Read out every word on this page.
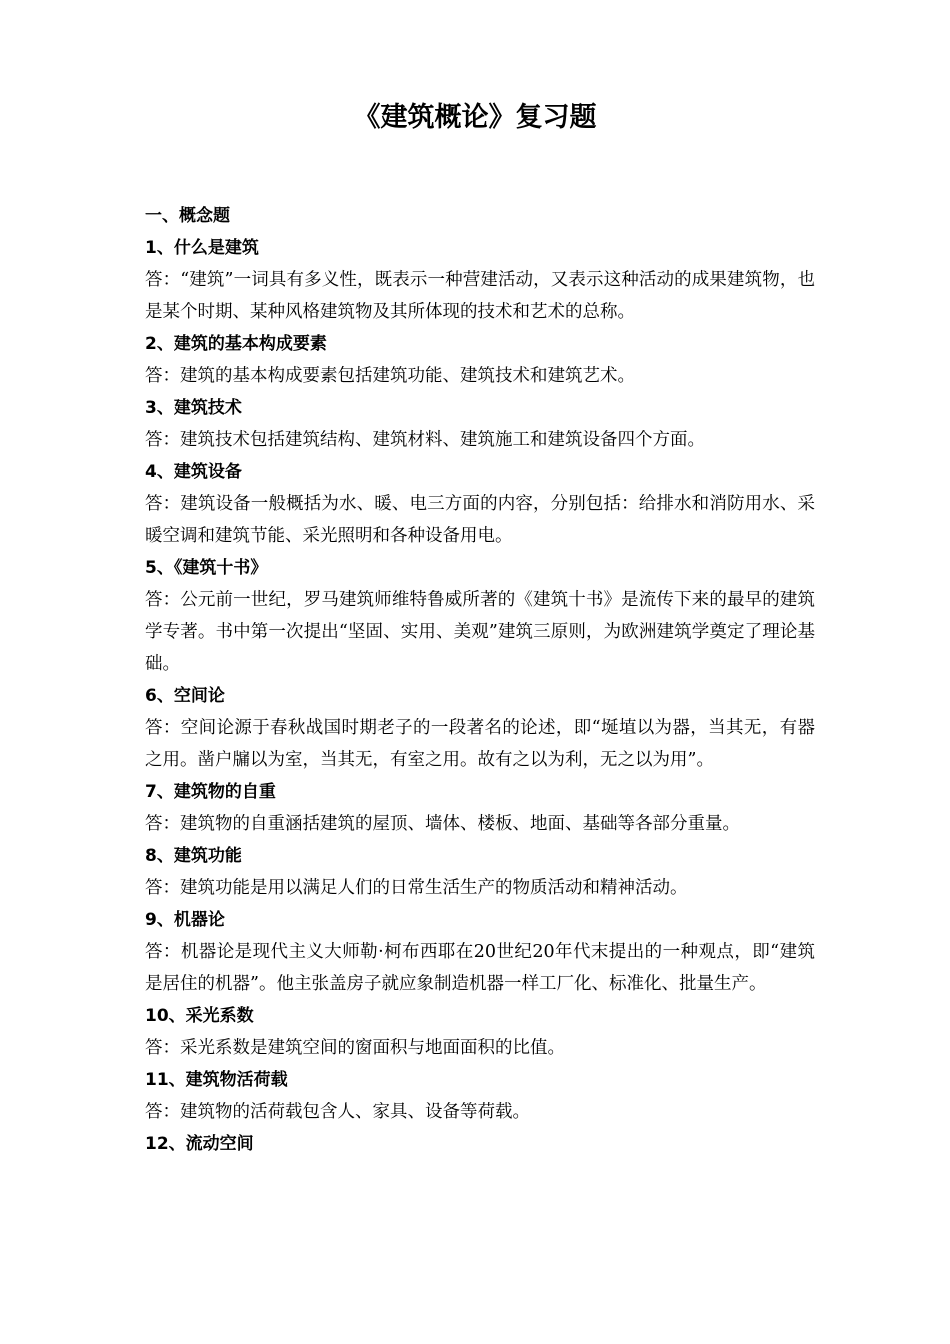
《建筑概论》复习题
一、概念题
1、什么是建筑
答：“建筑”一词具有多义性，既表示一种营建活动，又表示这种活动的成果建筑物，也是某个时期、某种风格建筑物及其所体现的技术和艺术的总称。
2、建筑的基本构成要素
答：建筑的基本构成要素包括建筑功能、建筑技术和建筑艺术。
3、建筑技术
答：建筑技术包括建筑结构、建筑材料、建筑施工和建筑设备四个方面。
4、建筑设备
答：建筑设备一般概括为水、暖、电三方面的内容，分别包括：给排水和消防用水、采暖空调和建筑节能、采光照明和各种设备用电。
5、《建筑十书》
答：公元前一世纪，罗马建筑师维特鲁威所著的《建筑十书》是流传下来的最早的建筑学专著。书中第一次提出“坚固、实用、美观”建筑三原则，为欧洲建筑学奠定了理论基础。
6、空间论
答：空间论源于春秋战国时期老子的一段著名的论述，即“埏埴以为器，当其无，有器之用。凿户牖以为室，当其无，有室之用。故有之以为利，无之以为用”。
7、建筑物的自重
答：建筑物的自重涵括建筑的屋顶、墙体、楼板、地面、基础等各部分重量。
8、建筑功能
答：建筑功能是用以满足人们的日常生活生产的物质活动和精神活动。
9、机器论
答：机器论是现代主义大师勒·柯布西耶在20世纪20年代末提出的一种观点，即“建筑是居住的机器”。他主张盖房子就应象制造机器一样工厂化、标准化、批量生产。
10、采光系数
答：采光系数是建筑空间的窗面积与地面面积的比值。
11、建筑物活荷载
答：建筑物的活荷载包含人、家具、设备等荷载。
12、流动空间
